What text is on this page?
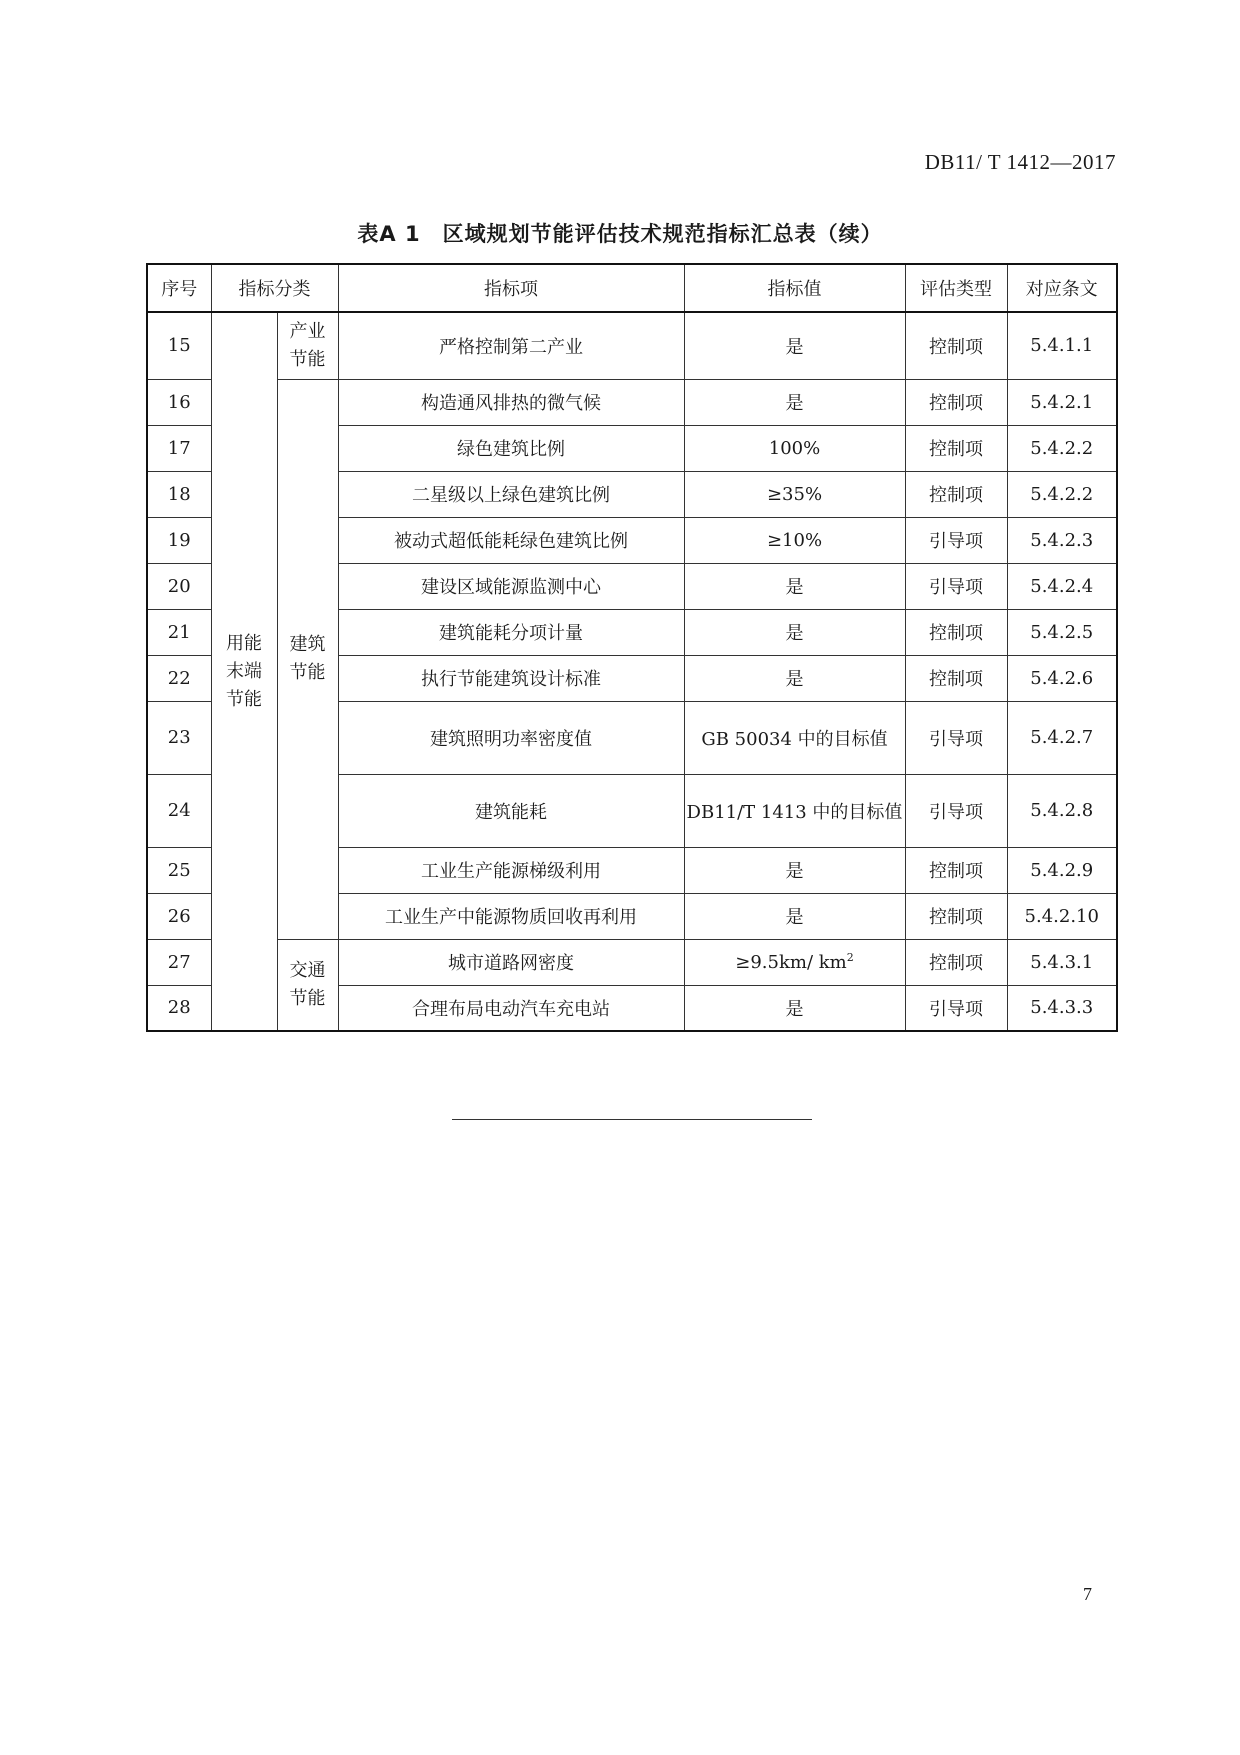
DB11/ T 1412—2017
表A 1　区域规划节能评估技术规范指标汇总表（续）
序号	指标分类		指标项	指标值	评估类型	对应条文
15	用能末端节能	产业节能	严格控制第二产业	是	控制项	5.4.1.1
16		建筑节能	构造通风排热的微气候	是	控制项	5.4.2.1
17			绿色建筑比例	100%	控制项	5.4.2.2
18			二星级以上绿色建筑比例	≥35%	控制项	5.4.2.2
19			被动式超低能耗绿色建筑比例	≥10%	引导项	5.4.2.3
20			建设区域能源监测中心	是	引导项	5.4.2.4
21			建筑能耗分项计量	是	控制项	5.4.2.5
22			执行节能建筑设计标准	是	控制项	5.4.2.6
23			建筑照明功率密度值	GB 50034 中的目标值	引导项	5.4.2.7
24			建筑能耗	DB11/T 1413 中的目标值	引导项	5.4.2.8
25			工业生产能源梯级利用	是	控制项	5.4.2.9
26			工业生产中能源物质回收再利用	是	控制项	5.4.2.10
27		交通节能	城市道路网密度	≥9.5km/ $km^2$	控制项	5.4.3.1
28			合理布局电动汽车充电站	是	引导项	5.4.3.3
7
